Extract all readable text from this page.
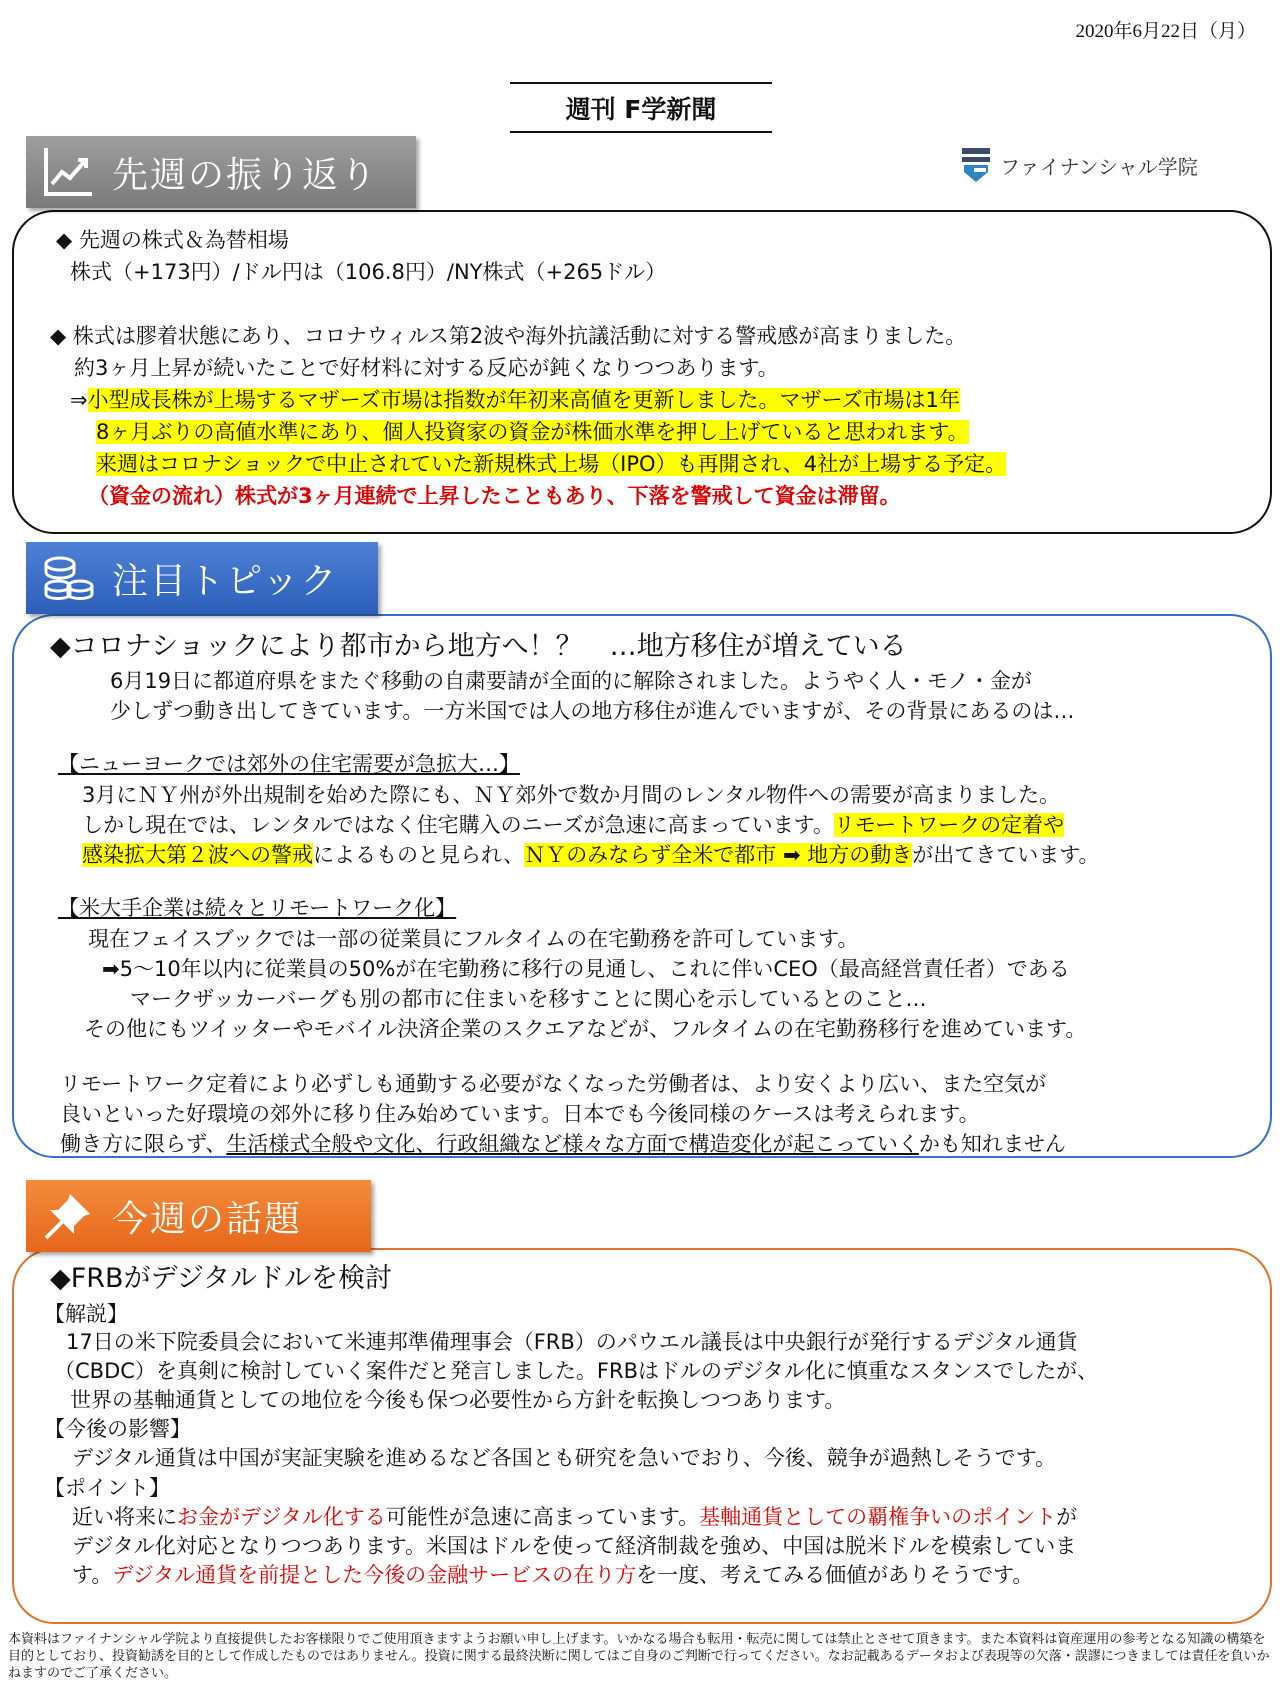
2020年6月22日（月）
週刊 F学新聞
ファイナンシャル学院
先週の振り返り
◆ 先週の株式＆為替相場
株式（+173円）/ドル円は（106.8円）/NY株式（+265ドル）
◆ 株式は膠着状態にあり、コロナウィルス第2波や海外抗議活動に対する警戒感が高まりました。
約3ヶ月上昇が続いたことで好材料に対する反応が鈍くなりつつあります。
⇒小型成長株が上場するマザーズ市場は指数が年初来高値を更新しました。マザーズ市場は1年
8ヶ月ぶりの高値水準にあり、個人投資家の資金が株価水準を押し上げていると思われます。
来週はコロナショックで中止されていた新規株式上場（IPO）も再開され、4社が上場する予定。
（資金の流れ）株式が3ヶ月連続で上昇したこともあり、下落を警戒して資金は滞留。
注目トピック
◆コロナショックにより都市から地方へ！？　…地方移住が増えている
6月19日に都道府県をまたぐ移動の自粛要請が全面的に解除されました。ようやく人・モノ・金が
少しずつ動き出してきています。一方米国では人の地方移住が進んでいますが、その背景にあるのは…
【ニューヨークでは郊外の住宅需要が急拡大…】
3月にＮＹ州が外出規制を始めた際にも、ＮＹ郊外で数か月間のレンタル物件への需要が高まりました。
しかし現在では、レンタルではなく住宅購入のニーズが急速に高まっています。リモートワークの定着や
感染拡大第２波への警戒によるものと見られ、ＮＹのみならず全米で都市 ➡ 地方の動きが出てきています。
【米大手企業は続々とリモートワーク化】
現在フェイスブックでは一部の従業員にフルタイムの在宅勤務を許可しています。
➡5～10年以内に従業員の50%が在宅勤務に移行の見通し、これに伴いCEO（最高経営責任者）である
マークザッカーバーグも別の都市に住まいを移すことに関心を示しているとのこと…
その他にもツイッターやモバイル決済企業のスクエアなどが、フルタイムの在宅勤務移行を進めています。
リモートワーク定着により必ずしも通勤する必要がなくなった労働者は、より安くより広い、また空気が
良いといった好環境の郊外に移り住み始めています。日本でも今後同様のケースは考えられます。
働き方に限らず、生活様式全般や文化、行政組織など様々な方面で構造変化が起こっていくかも知れません
今週の話題
◆FRBがデジタルドルを検討
【解説】
17日の米下院委員会において米連邦準備理事会（FRB）のパウエル議長は中央銀行が発行するデジタル通貨
（CBDC）を真剣に検討していく案件だと発言しました。FRBはドルのデジタル化に慎重なスタンスでしたが、
世界の基軸通貨としての地位を今後も保つ必要性から方針を転換しつつあります。
【今後の影響】
デジタル通貨は中国が実証実験を進めるなど各国とも研究を急いでおり、今後、競争が過熱しそうです。
【ポイント】
近い将来にお金がデジタル化する可能性が急速に高まっています。基軸通貨としての覇権争いのポイントが
デジタル化対応となりつつあります。米国はドルを使って経済制裁を強め、中国は脱米ドルを模索していま
す。デジタル通貨を前提とした今後の金融サービスの在り方を一度、考えてみる価値がありそうです。
本資料はファイナンシャル学院より直接提供したお客様限りでご使用頂きますようお願い申し上げます。いかなる場合も転用・転売に関しては禁止とさせて頂きます。また本資料は資産運用の参考となる知識の構築を目的としており、投資勧誘を目的として作成したものではありません。投資に関する最終決断に関してはご自身のご判断で行ってください。なお記載あるデータおよび表現等の欠落・誤謬につきましては責任を負いかねますのでご了承ください。
